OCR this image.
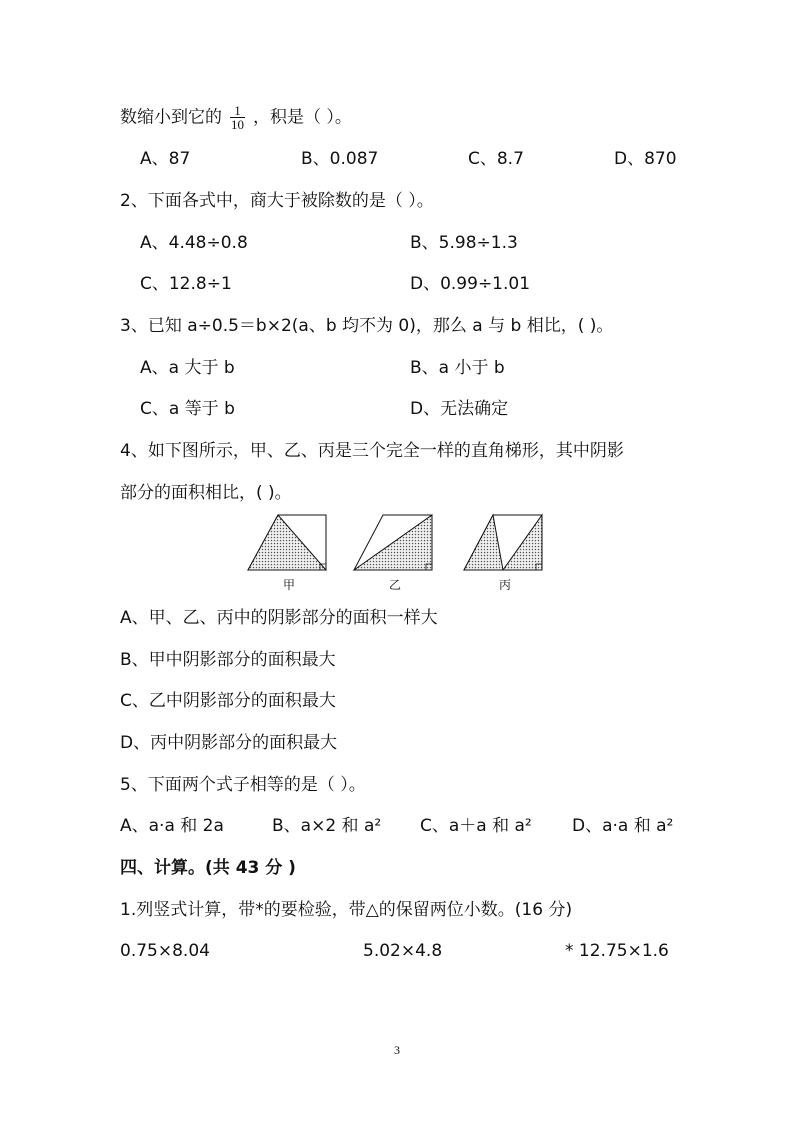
数缩小到它的 $\frac{1}{10}$ ，积是（ ）。
A、87	B、0.087	C、8.7	D、870
2、下面各式中，商大于被除数的是（ ）。
A、4.48÷0.8	B、5.98÷1.3
C、12.8÷1	D、0.99÷1.01
3、已知 a÷0.5＝b×2(a、b 均不为 0)，那么 a 与 b 相比，( )。
A、a 大于 b	B、a 小于 b
C、a 等于 b	D、无法确定
4、如下图所示，甲、乙、丙是三个完全一样的直角梯形，其中阴影
部分的面积相比，( )。
甲	乙	丙
A、甲、乙、丙中的阴影部分的面积一样大
B、甲中阴影部分的面积最大
C、乙中阴影部分的面积最大
D、丙中阴影部分的面积最大
5、下面两个式子相等的是（ ）。
A、a·a 和 2a	B、a×2 和 a² C、a＋a 和 a² D、a·a 和 a²
四、计算。(共 43 分 )
1.列竖式计算，带*的要检验，带△的保留两位小数。(16 分)
0.75×8.04	5.02×4.8	* 12.75×1.6
3
